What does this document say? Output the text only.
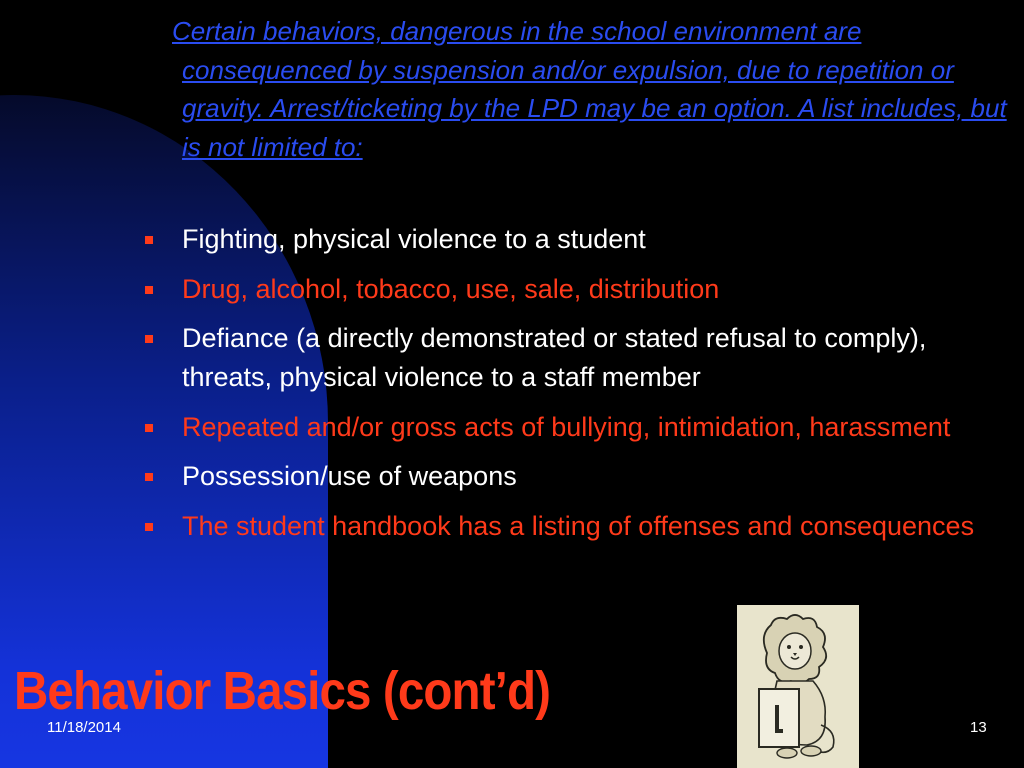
Certain behaviors, dangerous in the school environment are consequenced by suspension and/or expulsion, due to repetition or gravity. Arrest/ticketing by the LPD may be an option. A list includes, but is not limited to:
Fighting, physical violence to a student
Drug, alcohol, tobacco, use, sale, distribution
Defiance (a directly demonstrated or stated refusal to comply), threats, physical violence to a staff member
Repeated and/or gross acts of bullying, intimidation, harassment
Possession/use of weapons
The student handbook has a listing of offenses and consequences
Behavior Basics (cont’d)
11/18/2014	13
